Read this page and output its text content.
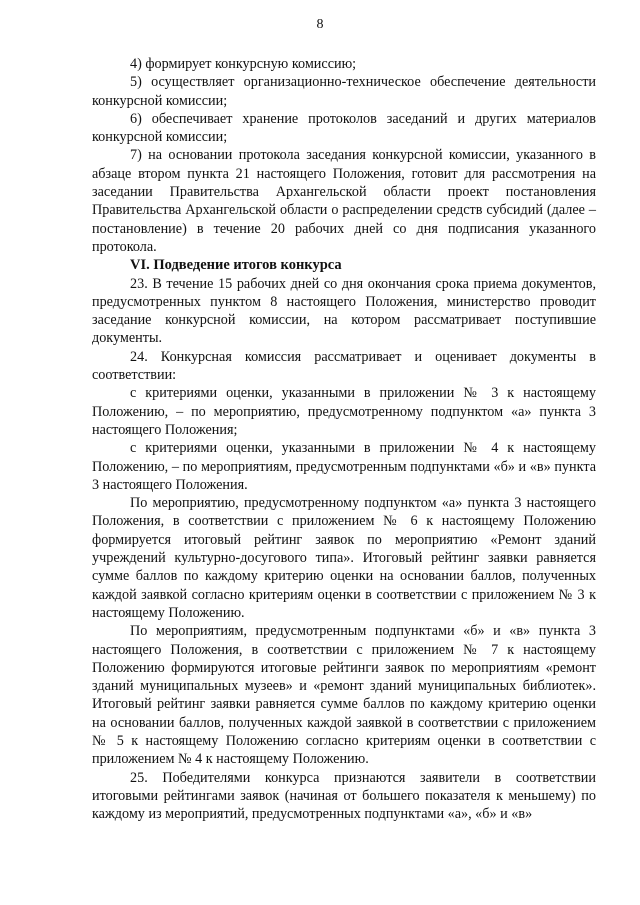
8

4) формирует конкурсную комиссию;

5) осуществляет организационно-техническое обеспечение деятельности конкурсной комиссии;

6) обеспечивает хранение протоколов заседаний и других материалов конкурсной комиссии;

7) на основании протокола заседания конкурсной комиссии, указанного в абзаце втором пункта 21 настоящего Положения, готовит для рассмотрения на заседании Правительства Архангельской области проект постановления Правительства Архангельской области о распределении средств субсидий (далее – постановление) в течение 20 рабочих дней со дня подписания указанного протокола.

VI. Подведение итогов конкурса

23. В течение 15 рабочих дней со дня окончания срока приема документов, предусмотренных пунктом 8 настоящего Положения, министерство проводит заседание конкурсной комиссии, на котором рассматривает поступившие документы.

24. Конкурсная комиссия рассматривает и оценивает документы в соответствии:

с критериями оценки, указанными в приложении № 3 к настоящему Положению, – по мероприятию, предусмотренному подпунктом «а» пункта 3 настоящего Положения;

с критериями оценки, указанными в приложении № 4 к настоящему Положению, – по мероприятиям, предусмотренным подпунктами «б» и «в» пункта 3 настоящего Положения.

По мероприятию, предусмотренному подпунктом «а» пункта 3 настоящего Положения, в соответствии с приложением № 6 к настоящему Положению формируется итоговый рейтинг заявок по мероприятию «Ремонт зданий учреждений культурно-досугового типа». Итоговый рейтинг заявки равняется сумме баллов по каждому критерию оценки на основании баллов, полученных каждой заявкой согласно критериям оценки в соответствии с приложением № 3 к настоящему Положению.

По мероприятиям, предусмотренным подпунктами «б» и «в» пункта 3 настоящего Положения, в соответствии с приложением № 7 к настоящему Положению формируются итоговые рейтинги заявок по мероприятиям «ремонт зданий муниципальных музеев» и «ремонт зданий муниципальных библиотек». Итоговый рейтинг заявки равняется сумме баллов по каждому критерию оценки на основании баллов, полученных каждой заявкой в соответствии с приложением № 5 к настоящему Положению согласно критериям оценки в соответствии с приложением № 4 к настоящему Положению.

25. Победителями конкурса признаются заявители в соответствии итоговыми рейтингами заявок (начиная от большего показателя к меньшему) по каждому из мероприятий, предусмотренных подпунктами «а», «б» и «в»
